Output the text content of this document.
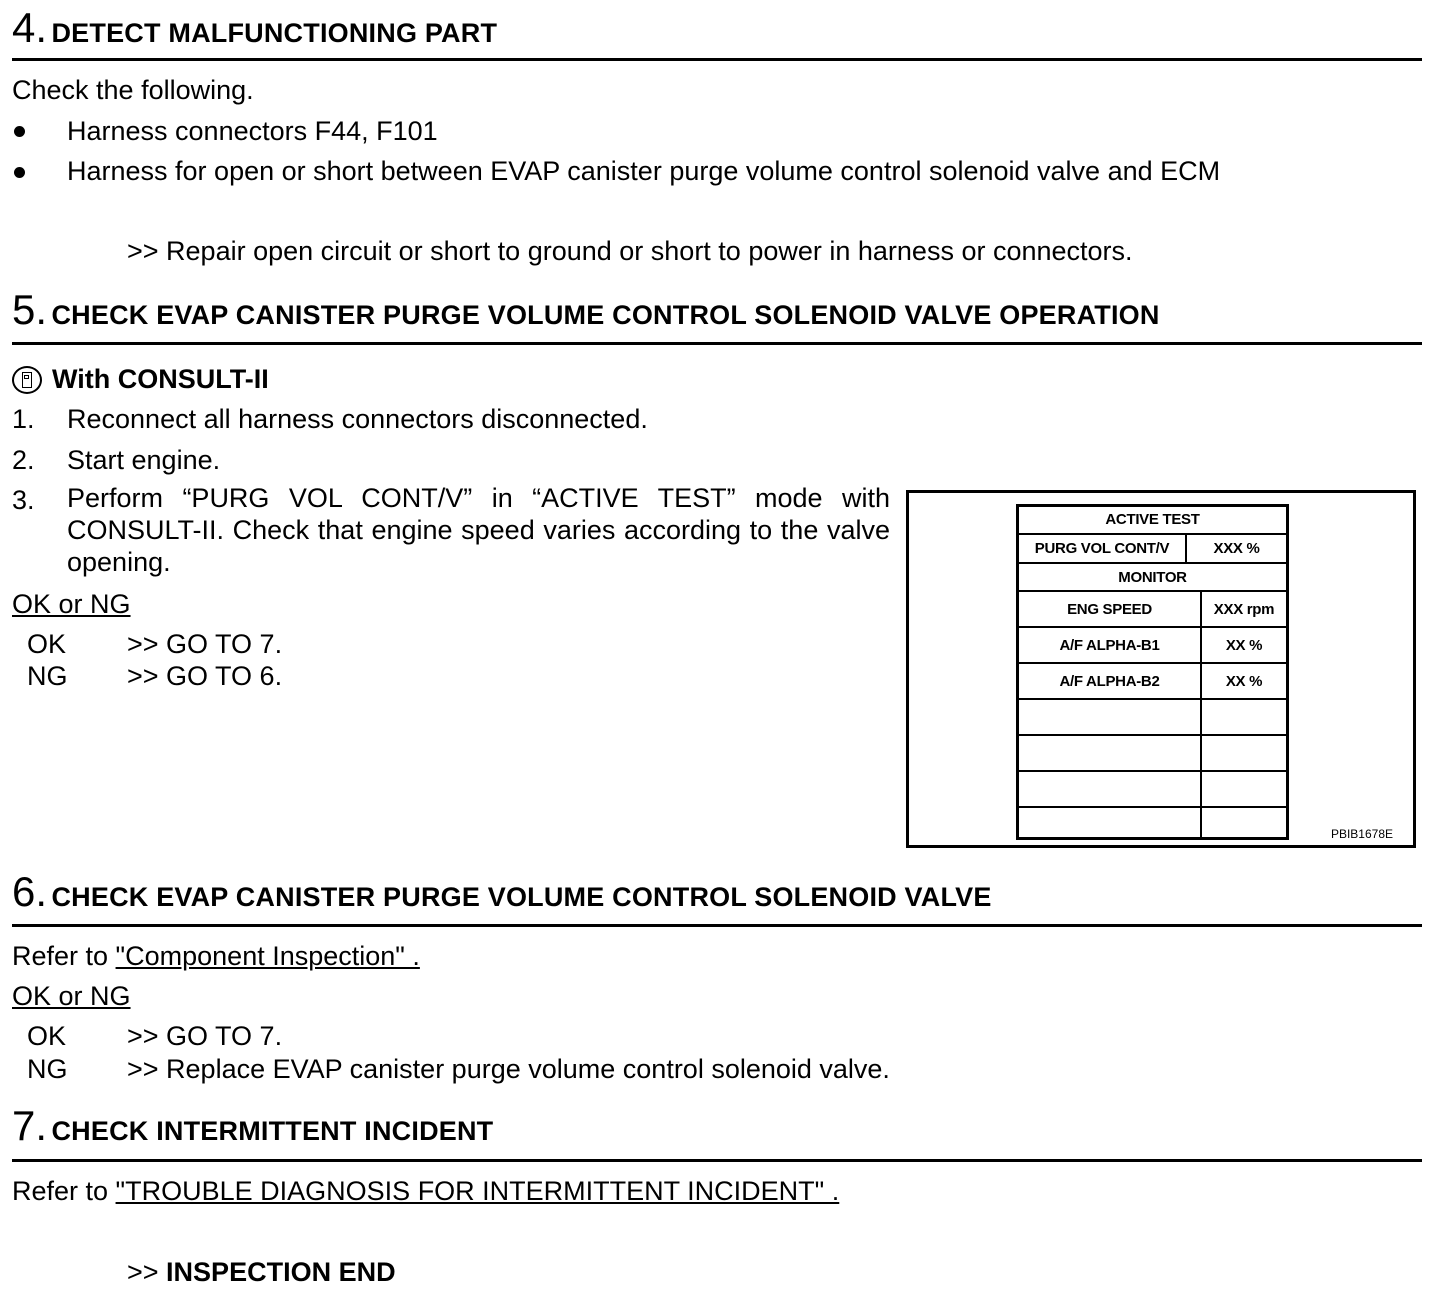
4. DETECT MALFUNCTIONING PART
Check the following.
Harness connectors F44, F101
Harness for open or short between EVAP canister purge volume control solenoid valve and ECM
>> Repair open circuit or short to ground or short to power in harness or connectors.
5. CHECK EVAP CANISTER PURGE VOLUME CONTROL SOLENOID VALVE OPERATION
With CONSULT-II
1. Reconnect all harness connectors disconnected.
2. Start engine.
3. Perform “PURG VOL CONT/V” in “ACTIVE TEST” mode with CONSULT-II. Check that engine speed varies according to the valve opening.
OK or NG
OK >> GO TO 7.
NG >> GO TO 6.
ACTIVE TEST
PURG VOL CONT/V	XXX %
MONITOR
ENG SPEED	XXX rpm
A/F ALPHA-B1	XX %
A/F ALPHA-B2	XX %
PBIB1678E
6. CHECK EVAP CANISTER PURGE VOLUME CONTROL SOLENOID VALVE
Refer to "Component Inspection" .
OK or NG
OK >> GO TO 7.
NG >> Replace EVAP canister purge volume control solenoid valve.
7. CHECK INTERMITTENT INCIDENT
Refer to "TROUBLE DIAGNOSIS FOR INTERMITTENT INCIDENT" .
>> INSPECTION END
